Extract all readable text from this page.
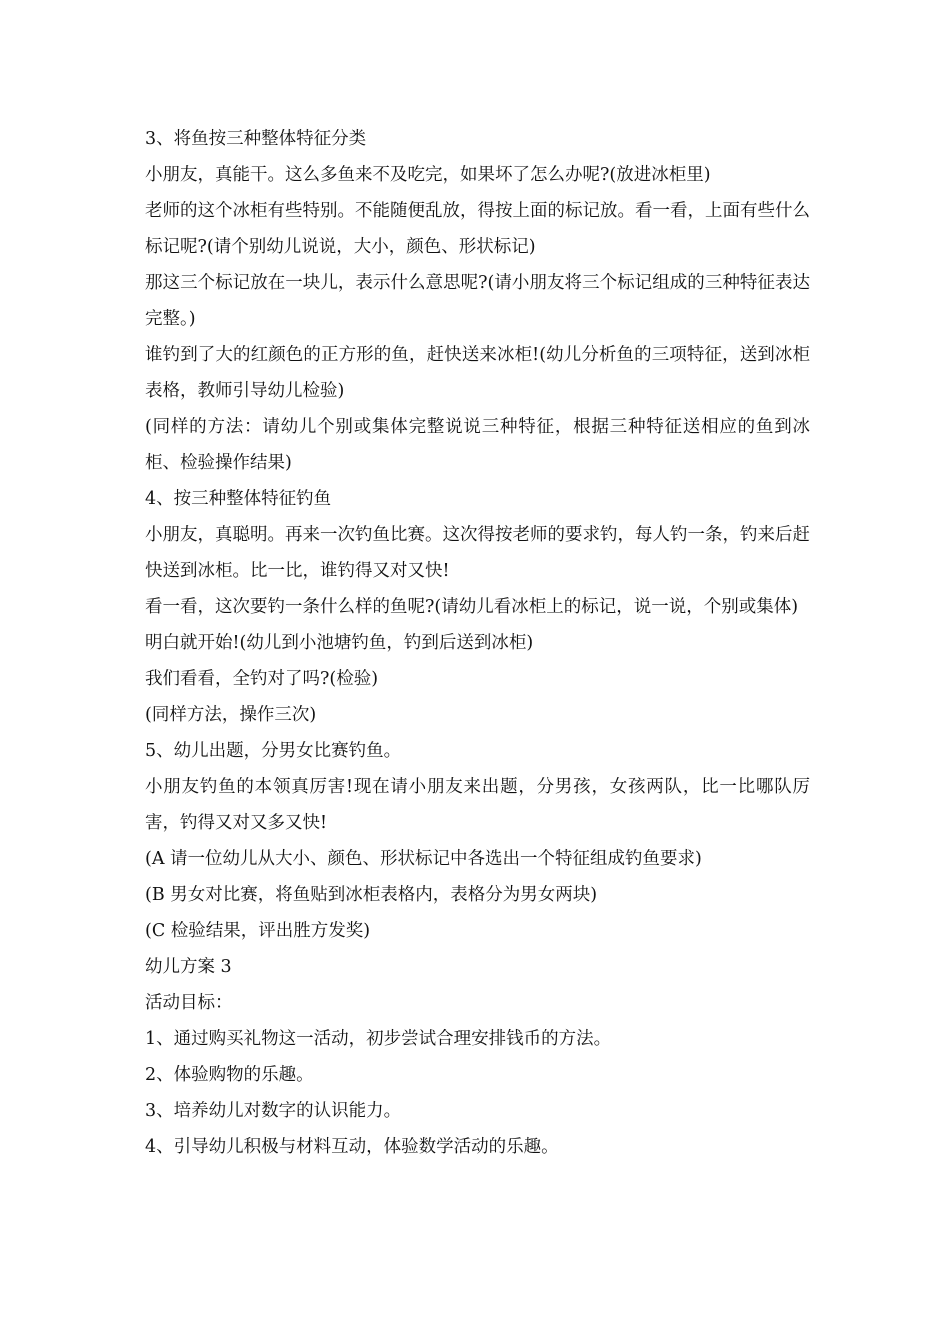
3、将鱼按三种整体特征分类

小朋友，真能干。这么多鱼来不及吃完，如果坏了怎么办呢?(放进冰柜里)

老师的这个冰柜有些特别。不能随便乱放，得按上面的标记放。看一看，上面有些什么标记呢?(请个别幼儿说说，大小，颜色、形状标记)

那这三个标记放在一块儿，表示什么意思呢?(请小朋友将三个标记组成的三种特征表达完整。)

谁钓到了大的红颜色的正方形的鱼，赶快送来冰柜!(幼儿分析鱼的三项特征，送到冰柜表格，教师引导幼儿检验)

(同样的方法：请幼儿个别或集体完整说说三种特征，根据三种特征送相应的鱼到冰柜、检验操作结果)

4、按三种整体特征钓鱼

小朋友，真聪明。再来一次钓鱼比赛。这次得按老师的要求钓，每人钓一条，钓来后赶快送到冰柜。比一比，谁钓得又对又快!

看一看，这次要钓一条什么样的鱼呢?(请幼儿看冰柜上的标记，说一说，个别或集体)

明白就开始!(幼儿到小池塘钓鱼，钓到后送到冰柜)

我们看看，全钓对了吗?(检验)

(同样方法，操作三次)

5、幼儿出题，分男女比赛钓鱼。

小朋友钓鱼的本领真厉害!现在请小朋友来出题，分男孩，女孩两队，比一比哪队厉害，钓得又对又多又快!

(A 请一位幼儿从大小、颜色、形状标记中各选出一个特征组成钓鱼要求)

(B 男女对比赛，将鱼贴到冰柜表格内，表格分为男女两块)

(C 检验结果，评出胜方发奖)

幼儿方案 3

活动目标：

1、通过购买礼物这一活动，初步尝试合理安排钱币的方法。

2、体验购物的乐趣。

3、培养幼儿对数字的认识能力。

4、引导幼儿积极与材料互动，体验数学活动的乐趣。
